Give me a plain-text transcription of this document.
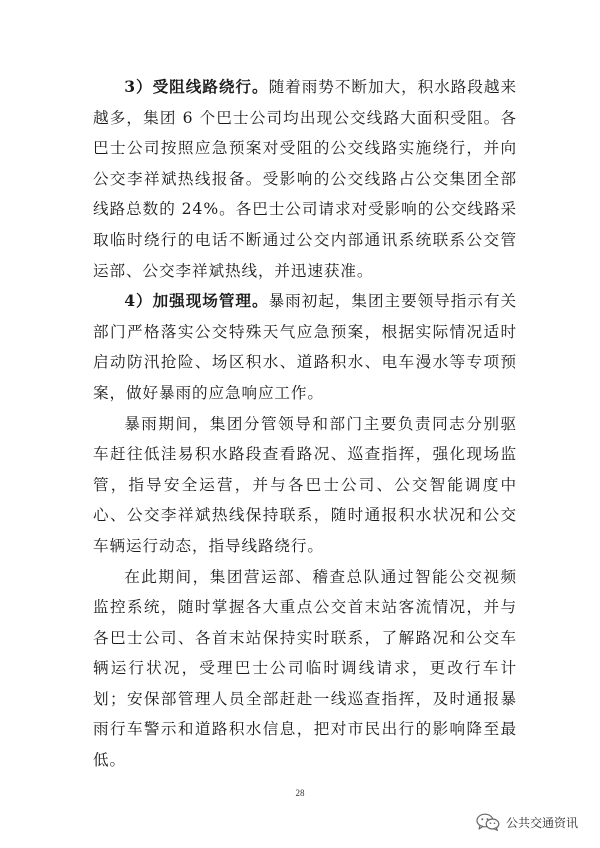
3）受阻线路绕行。随着雨势不断加大，积水路段越来越多，集团 6 个巴士公司均出现公交线路大面积受阻。各巴士公司按照应急预案对受阻的公交线路实施绕行，并向公交李祥斌热线报备。受影响的公交线路占公交集团全部线路总数的 24%。各巴士公司请求对受影响的公交线路采取临时绕行的电话不断通过公交内部通讯系统联系公交管运部、公交李祥斌热线，并迅速获准。

4）加强现场管理。暴雨初起，集团主要领导指示有关部门严格落实公交特殊天气应急预案，根据实际情况适时启动防汛抢险、场区积水、道路积水、电车漫水等专项预案，做好暴雨的应急响应工作。

暴雨期间，集团分管领导和部门主要负责同志分别驱车赶往低洼易积水路段查看路况、巡查指挥，强化现场监管，指导安全运营，并与各巴士公司、公交智能调度中心、公交李祥斌热线保持联系，随时通报积水状况和公交车辆运行动态，指导线路绕行。

在此期间，集团营运部、稽查总队通过智能公交视频监控系统，随时掌握各大重点公交首末站客流情况，并与各巴士公司、各首末站保持实时联系，了解路况和公交车辆运行状况，受理巴士公司临时调线请求，更改行车计划；安保部管理人员全部赶赴一线巡查指挥，及时通报暴雨行车警示和道路积水信息，把对市民出行的影响降至最低。

28
公共交通资讯
